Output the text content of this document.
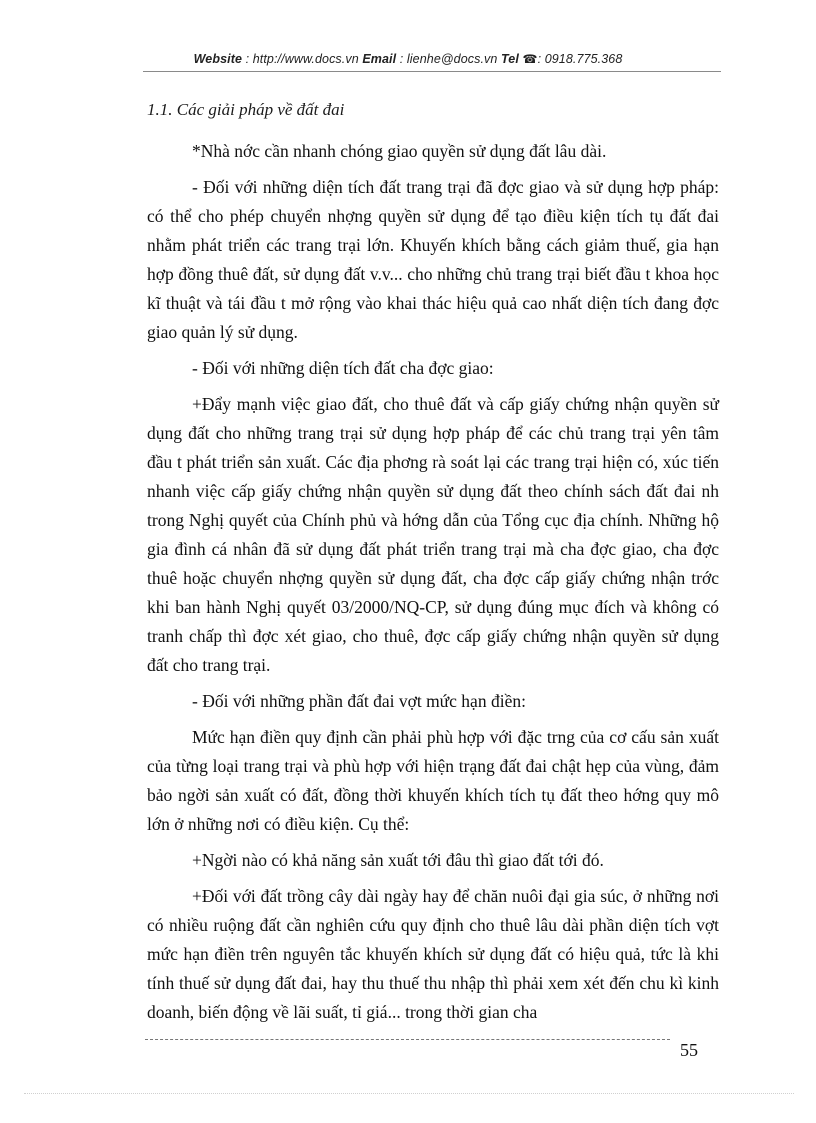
Website : http://www.docs.vn Email : lienhe@docs.vn Tel ☎: 0918.775.368
1.1. Các giải pháp về đất đai

*Nhà nớc cần nhanh chóng giao quyền sử dụng đất lâu dài.

- Đối với những diện tích đất trang trại đã đợc giao và sử dụng hợp pháp: có thể cho phép chuyển nhợng quyền sử dụng để tạo điều kiện tích tụ đất đai nhằm phát triển các trang trại lớn. Khuyến khích bằng cách giảm thuế, gia hạn hợp đồng thuê đất, sử dụng đất v.v... cho những chủ trang trại biết đầu t khoa học kĩ thuật và tái đầu t mở rộng vào khai thác hiệu quả cao nhất diện tích đang đợc giao quản lý sử dụng.

- Đối với những diện tích đất cha đợc giao:

+Đẩy mạnh việc giao đất, cho thuê đất và cấp giấy chứng nhận quyền sử dụng đất cho những trang trại sử dụng hợp pháp để các chủ trang trại yên tâm đầu t phát triển sản xuất. Các địa phơng rà soát lại các trang trại hiện có, xúc tiến nhanh việc cấp giấy chứng nhận quyền sử dụng đất theo chính sách đất đai nh trong Nghị quyết của Chính phủ và hớng dẫn của Tổng cục địa chính. Những hộ gia đình cá nhân đã sử dụng đất phát triển trang trại mà cha đợc giao, cha đợc thuê hoặc chuyển nhợng quyền sử dụng đất, cha đợc cấp giấy chứng nhận trớc khi ban hành Nghị quyết 03/2000/NQ-CP, sử dụng đúng mục đích và không có tranh chấp thì đợc xét giao, cho thuê, đợc cấp giấy chứng nhận quyền sử dụng đất cho trang trại.

- Đối với những phần đất đai vợt mức hạn điền:

Mức hạn điền quy định cần phải phù hợp với đặc trng của cơ cấu sản xuất của từng loại trang trại và phù hợp với hiện trạng đất đai chật hẹp của vùng, đảm bảo ngời sản xuất có đất, đồng thời khuyến khích tích tụ đất theo hớng quy mô lớn ở những nơi có điều kiện. Cụ thể:

+Ngời nào có khả năng sản xuất tới đâu thì giao đất tới đó.

+Đối với đất trồng cây dài ngày hay để chăn nuôi đại gia súc, ở những nơi có nhiều ruộng đất cần nghiên cứu quy định cho thuê lâu dài phần diện tích vợt mức hạn điền trên nguyên tắc khuyến khích sử dụng đất có hiệu quả, tức là khi tính thuế sử dụng đất đai, hay thu thuế thu nhập thì phải xem xét đến chu kì kinh doanh, biến động về lãi suất, tỉ giá... trong thời gian cha

55
